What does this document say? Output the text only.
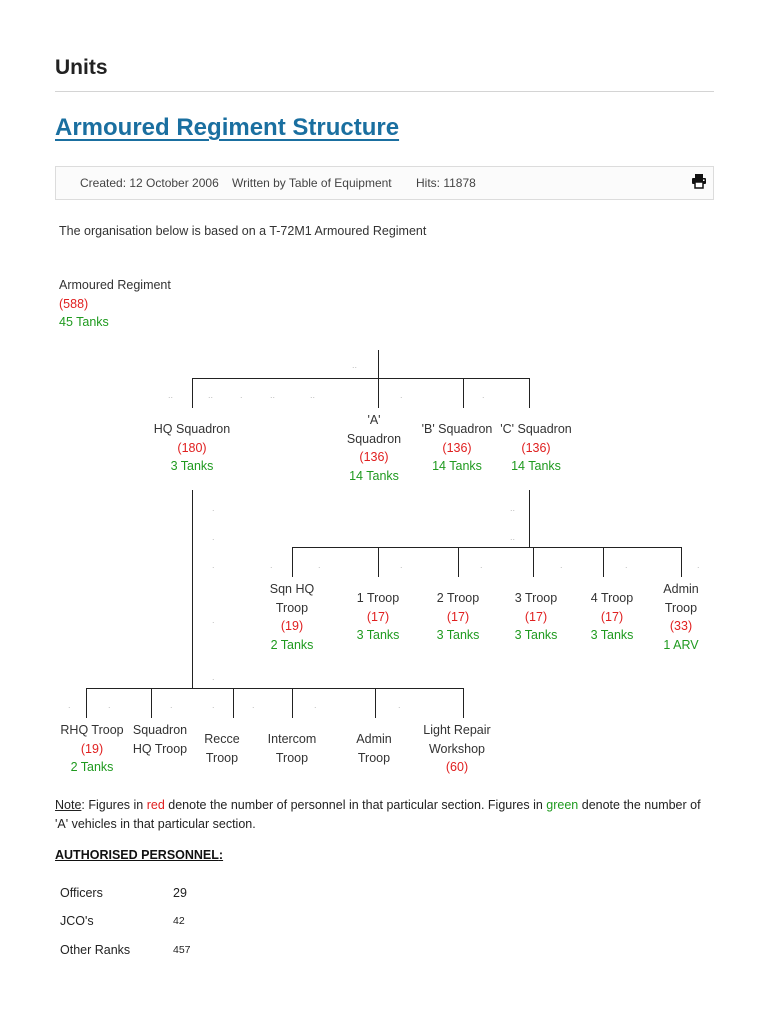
Units
Armoured Regiment Structure
Created: 12 October 2006 Written by Table of Equipment Hits: 11878
The organisation below is based on a T-72M1 Armoured Regiment
Armoured Regiment
(588)
45 Tanks
..
..	..	.	..	..	.	.
.
.
..
..
.	.	.	.	.	.	.	.
.
.
.	.	.	.	.	.	.
HQ Squadron
(180)
3 Tanks
'A' Squadron
(136)
14 Tanks
'B' Squadron
(136)
14 Tanks
'C' Squadron
(136)
14 Tanks
Sqn HQ Troop
(19)
2 Tanks
1 Troop
(17)
3 Tanks
2 Troop
(17)
3 Tanks
3 Troop
(17)
3 Tanks
4 Troop
(17)
3 Tanks
Admin Troop
(33)
1 ARV
RHQ Troop
(19)
2 Tanks
Squadron HQ Troop
Recce Troop
Intercom Troop
Admin Troop
Light Repair Workshop
(60)
Note: Figures in red denote the number of personnel in that particular section. Figures in green denote the number of 'A' vehicles in that particular section.
AUTHORISED PERSONNEL:
Officers	29
JCO's	42
Other Ranks	457
